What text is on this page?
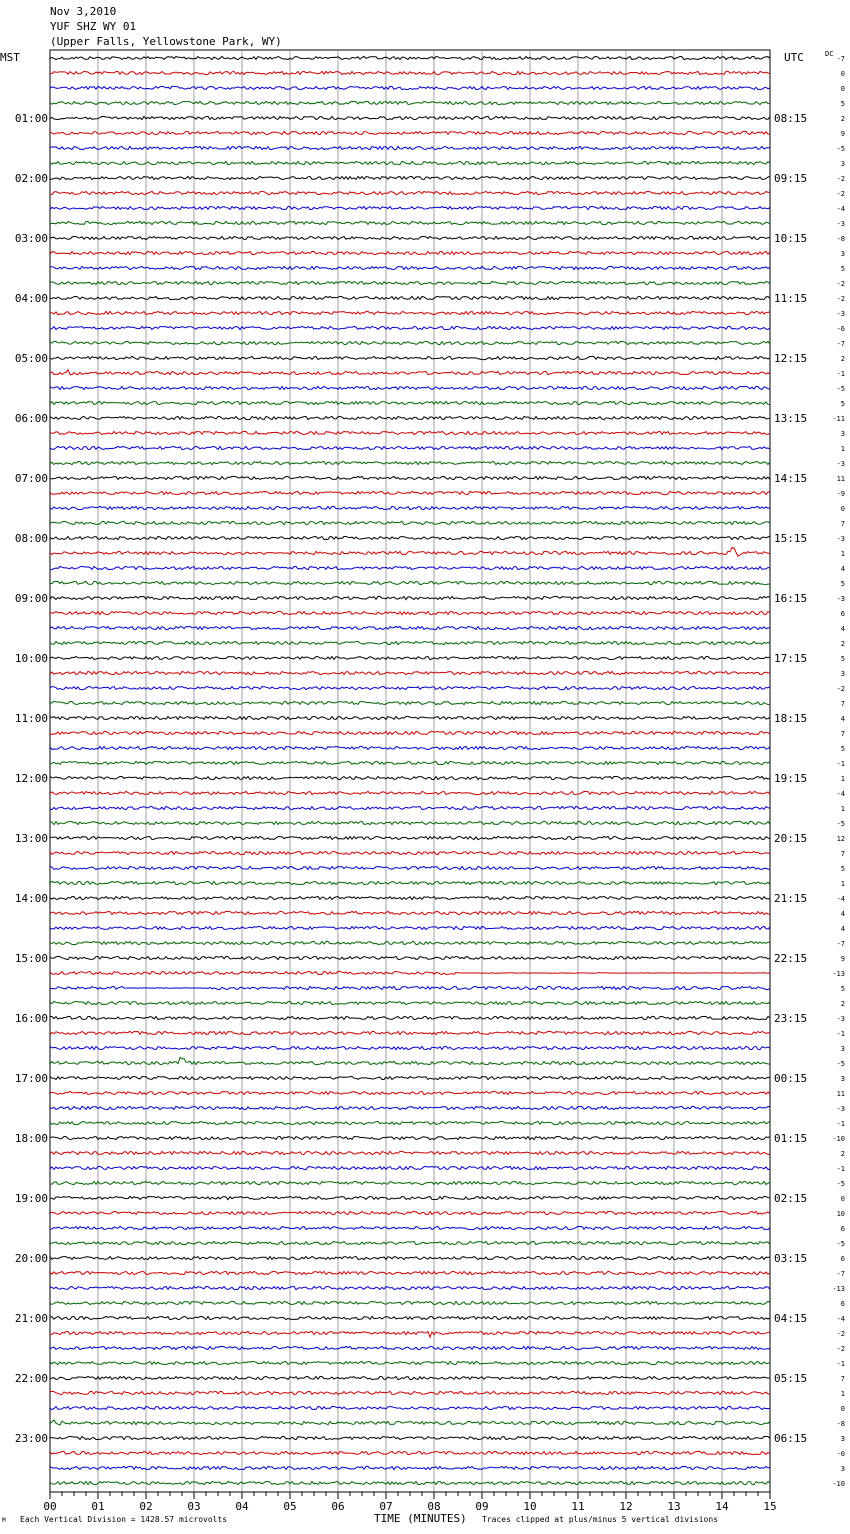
Nov 3,2010
YUF SHZ WY 01
(Upper Falls, Yellowstone Park, WY)
MST	UTC	DC
-7
0
0
5
2
9
-5
3
-2
-2
-4
-3
-8
3
5
-2
-2
-3
-6
-7
2
-1
-5
5
-11
3
1
-3
11
-9
0
7
-3
1
4
5
-3
6
4
2
5
3
-2
7
4
7
5
-1
1
-4
1
-5
12
7
5
1
-4
4
4
-7
9
-13
5
2
-3
-1
3
-5
3
11
-3
-1
-10
2
-1
-5
0
10
6
-5
6
-7
-13
6
-4
-2
-2
-1
7
1
0
-8
3
-0
3
-10
01:00
02:00
03:00
04:00
05:00
06:00
07:00
08:00
09:00
10:00
11:00
12:00
13:00
14:00
15:00
16:00
17:00
18:00
19:00
20:00
21:00
22:00
23:00
08:15
09:15
10:15
11:15
12:15
13:15
14:15
15:15
16:15
17:15
18:15
19:15
20:15
21:15
22:15
23:15
00:15
01:15
02:15
03:15
04:15
05:15
06:15
00	01	02	03	04	05	06	07	08	09	10	11	12	13	14	15
M Each Vertical Division = 1428.57 microvolts	TIME (MINUTES) Traces clipped at plus/minus 5 vertical divisions
